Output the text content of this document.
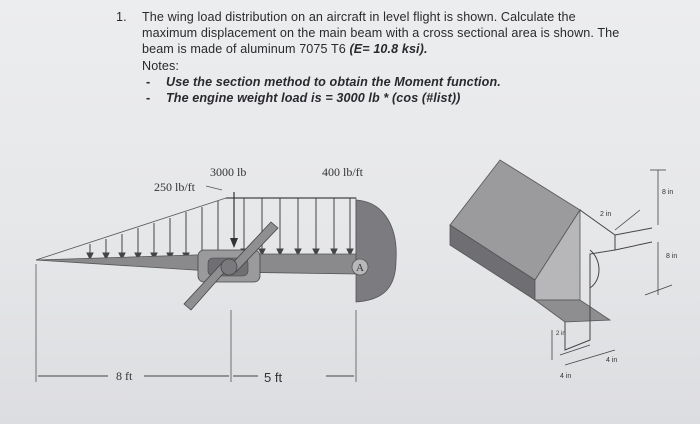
1. The wing load distribution on an aircraft in level flight is shown. Calculate the
maximum displacement on the main beam with a cross sectional area is shown. The
beam is made of aluminum 7075 T6 (E= 10.8 ksi).
Notes:
- Use the section method to obtain the Moment function.
- The engine weight load is = 3000 lb * (cos (#list))
A
3000 lb
250 lb/ft
400 lb/ft
8 ft	5 ft
8 in
2 in
8 in
2 in
4 in
4 in
